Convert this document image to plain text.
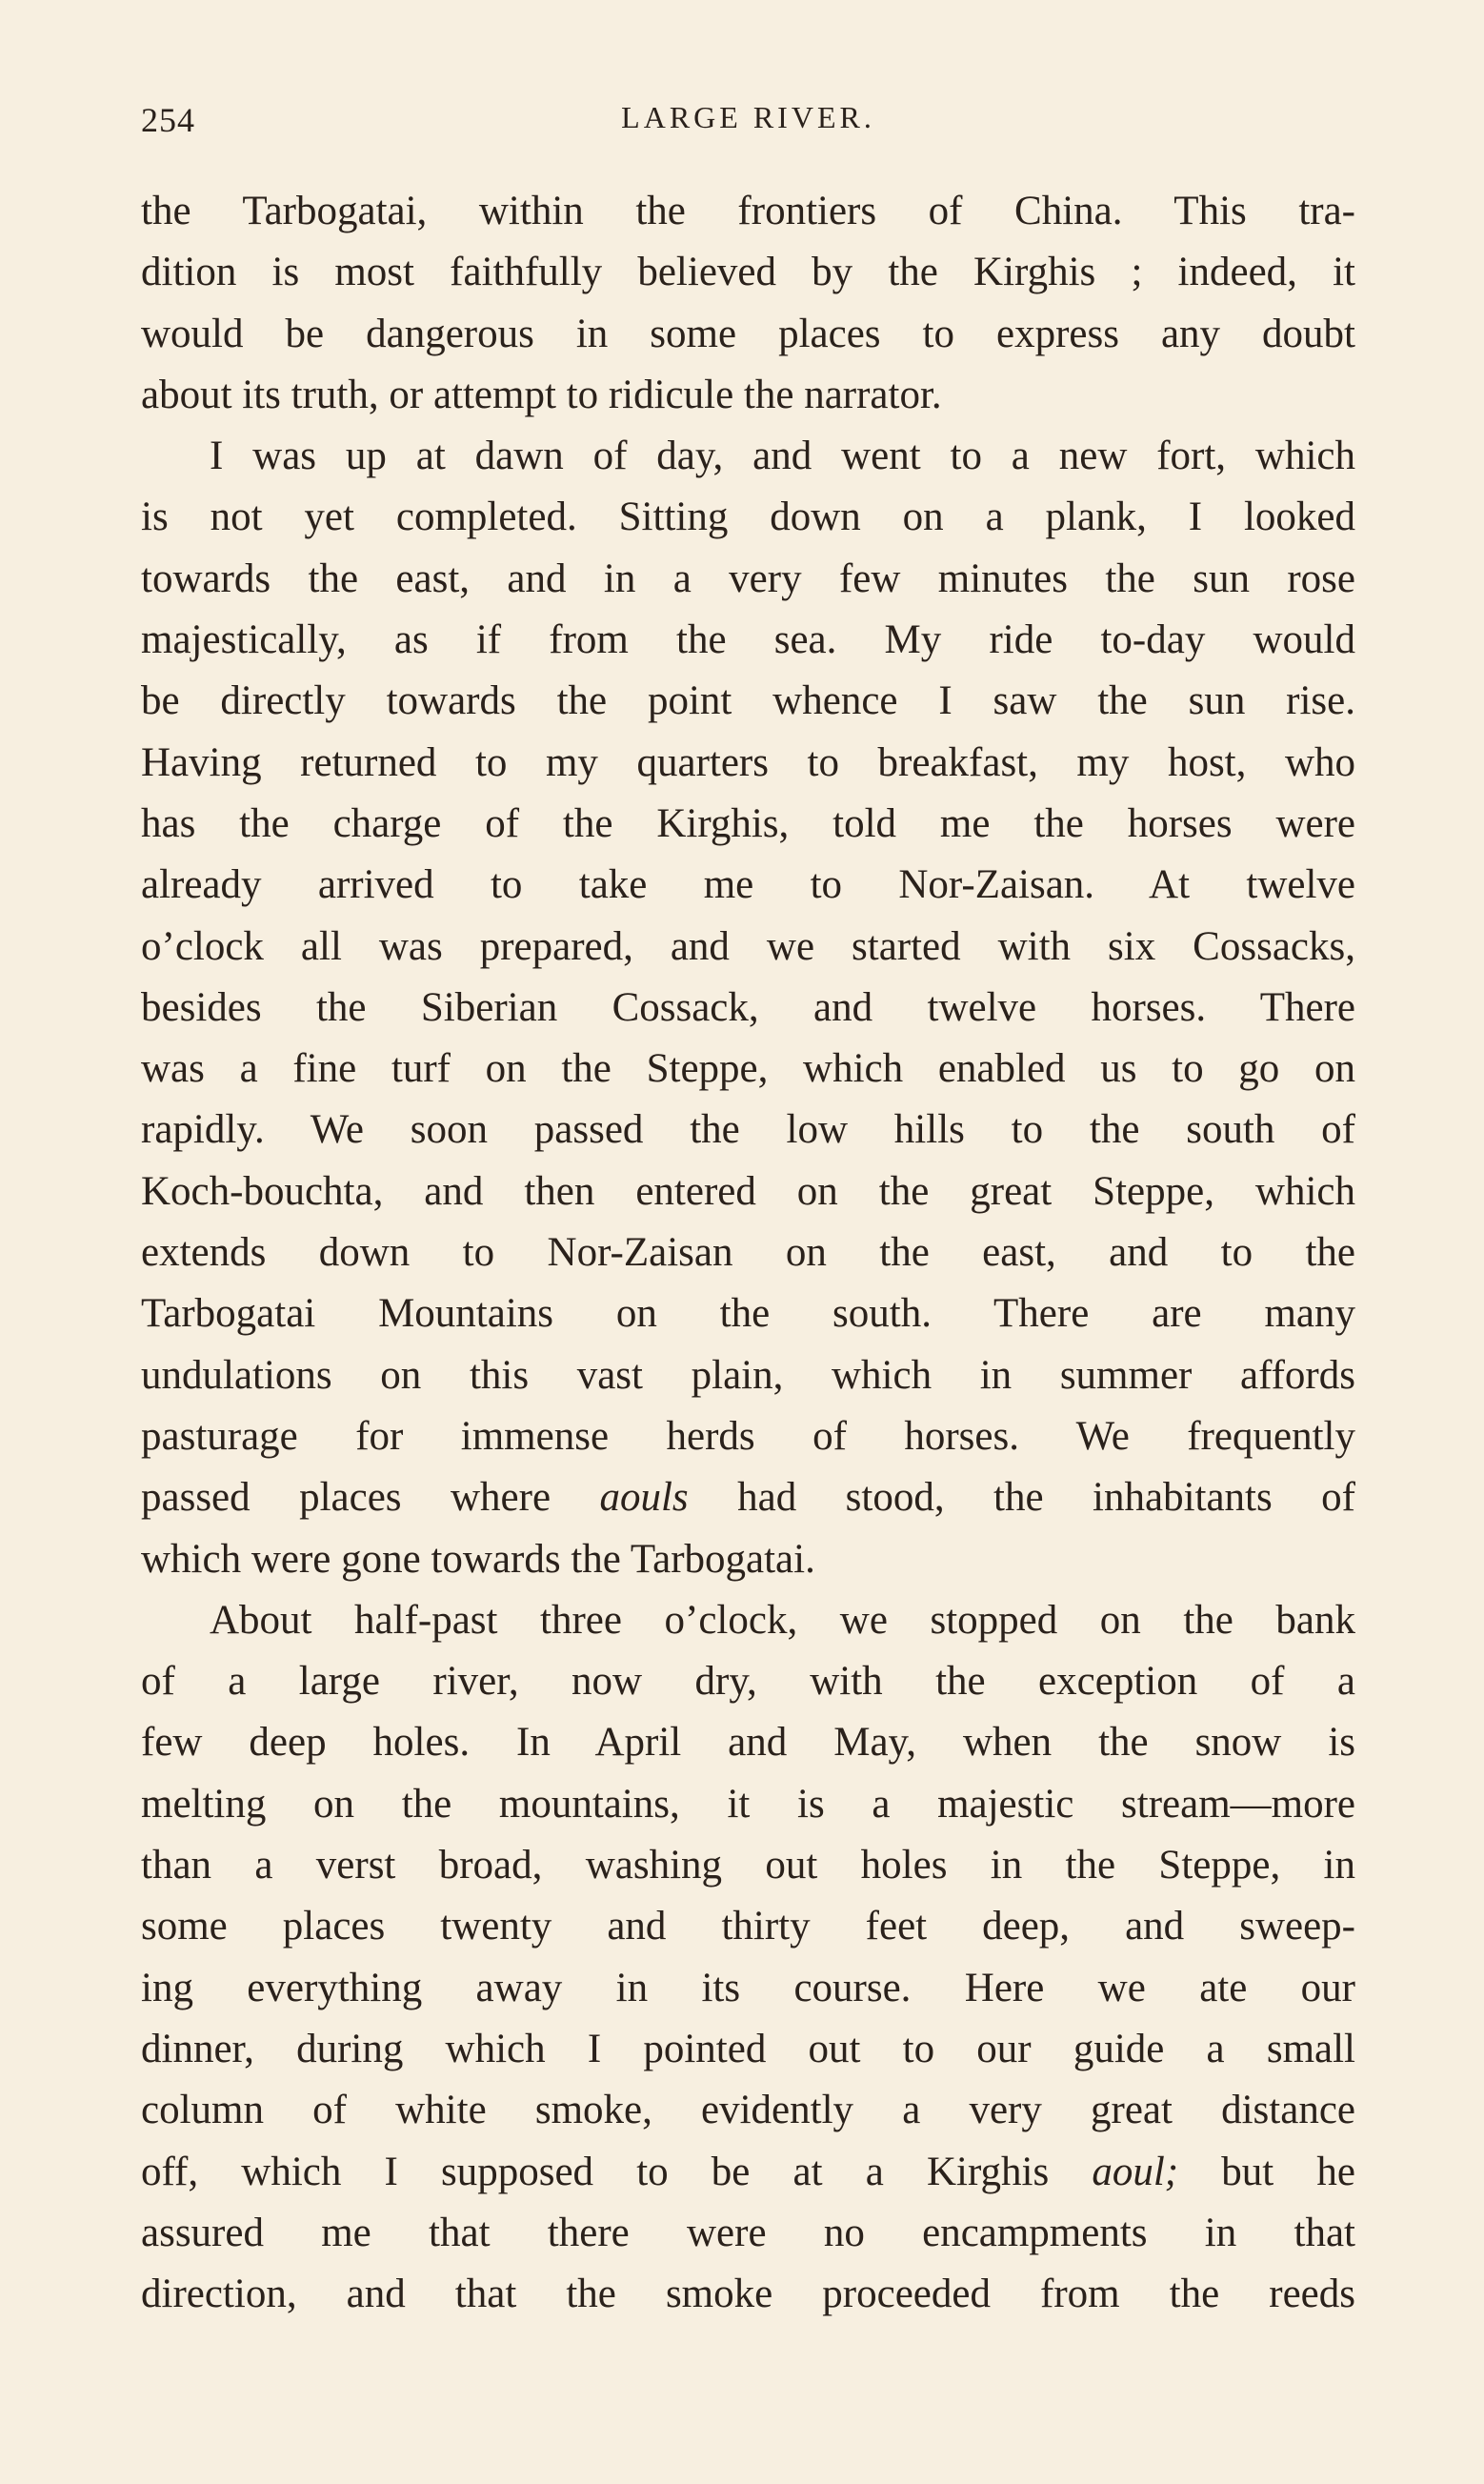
254	LARGE RIVER.
the Tarbogatai, within the frontiers of China. This tra-
dition is most faithfully believed by the Kirghis ; indeed, it
would be dangerous in some places to express any doubt
about its truth, or attempt to ridicule the narrator.
I was up at dawn of day, and went to a new fort, which
is not yet completed. Sitting down on a plank, I looked
towards the east, and in a very few minutes the sun rose
majestically, as if from the sea. My ride to-day would
be directly towards the point whence I saw the sun rise.
Having returned to my quarters to breakfast, my host, who
has the charge of the Kirghis, told me the horses were
already arrived to take me to Nor-Zaisan. At twelve
o’clock all was prepared, and we started with six Cossacks,
besides the Siberian Cossack, and twelve horses. There
was a fine turf on the Steppe, which enabled us to go on
rapidly. We soon passed the low hills to the south of
Koch-bouchta, and then entered on the great Steppe, which
extends down to Nor-Zaisan on the east, and to the
Tarbogatai Mountains on the south. There are many
undulations on this vast plain, which in summer affords
pasturage for immense herds of horses. We frequently
passed places where aouls had stood, the inhabitants of
which were gone towards the Tarbogatai.
About half-past three o’clock, we stopped on the bank
of a large river, now dry, with the exception of a
few deep holes. In April and May, when the snow is
melting on the mountains, it is a majestic stream—more
than a verst broad, washing out holes in the Steppe, in
some places twenty and thirty feet deep, and sweep-
ing everything away in its course. Here we ate our
dinner, during which I pointed out to our guide a small
column of white smoke, evidently a very great distance
off, which I supposed to be at a Kirghis aoul; but he
assured me that there were no encampments in that
direction, and that the smoke proceeded from the reeds
